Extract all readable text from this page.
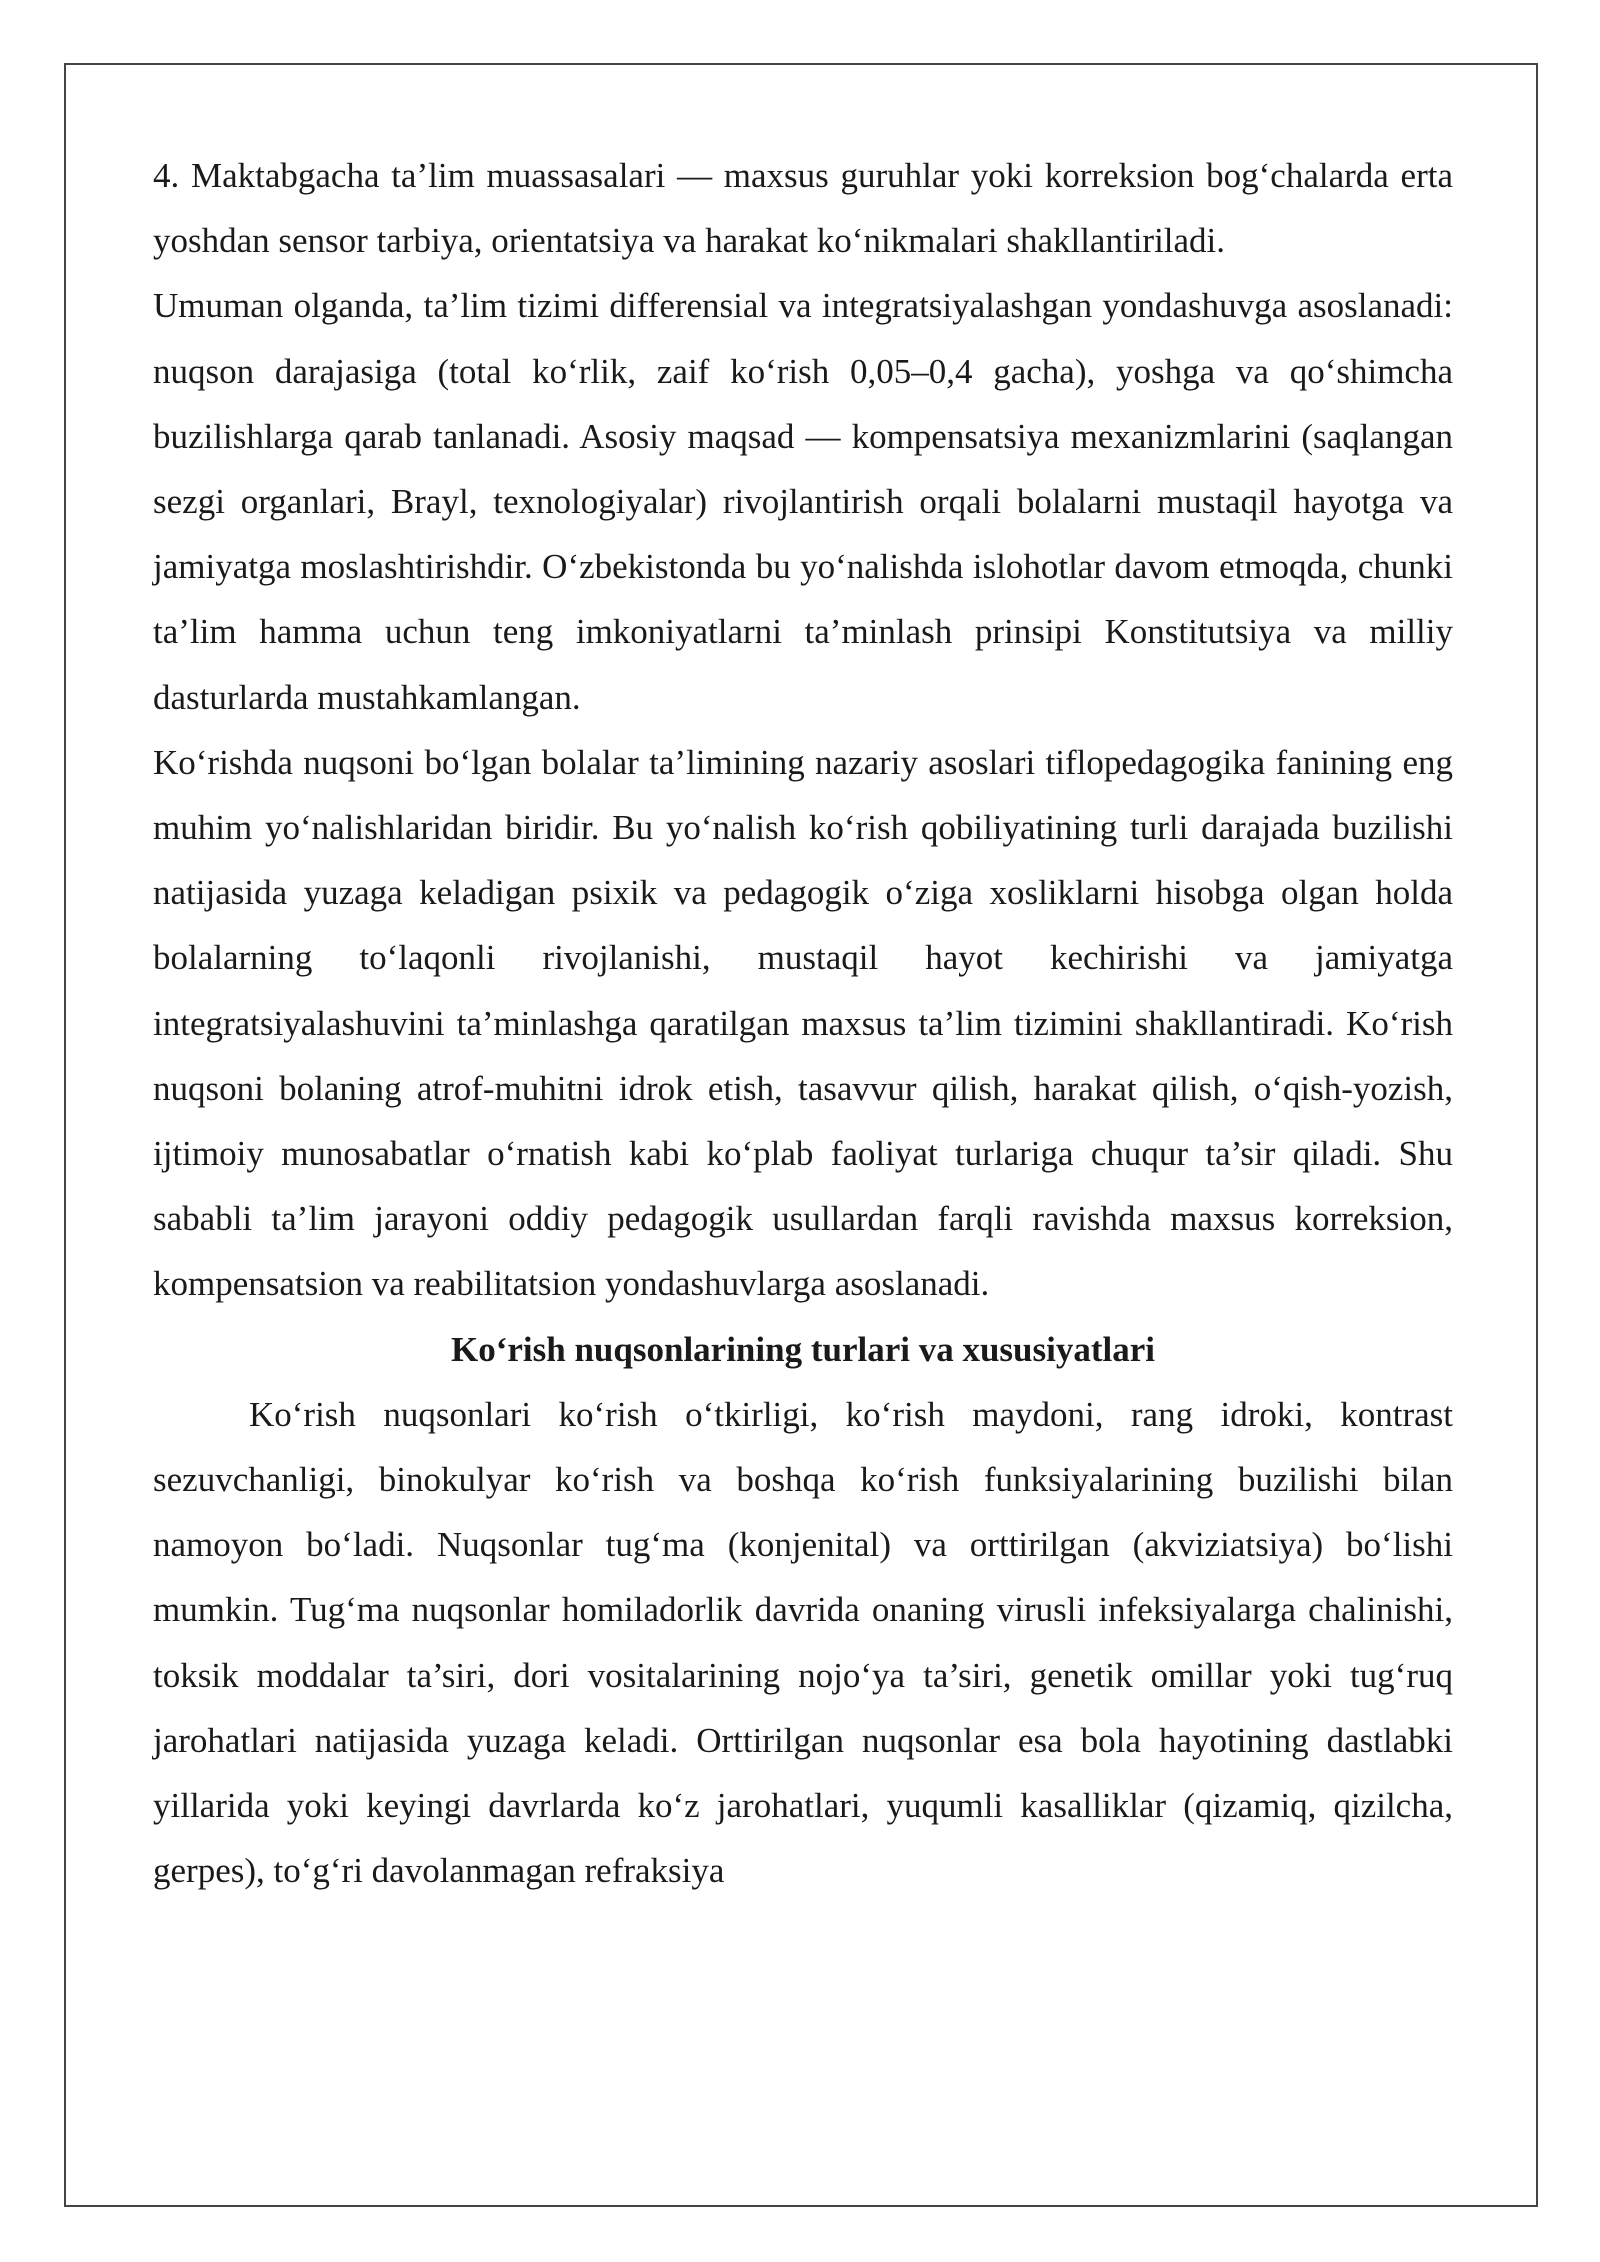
4. Maktabgacha ta’lim muassasalari — maxsus guruhlar yoki korreksion bog‘chalarda erta yoshdan sensor tarbiya, orientatsiya va harakat ko‘nikmalari shakllantiriladi.

Umuman olganda, ta’lim tizimi differensial va integratsiyalashgan yondashuvga asoslanadi: nuqson darajasiga (total ko‘rlik, zaif ko‘rish 0,05–0,4 gacha), yoshga va qo‘shimcha buzilishlarga qarab tanlanadi. Asosiy maqsad — kompensatsiya mexanizmlarini (saqlangan sezgi organlari, Brayl, texnologiyalar) rivojlantirish orqali bolalarni mustaqil hayotga va jamiyatga moslashtirishdir. O‘zbekistonda bu yo‘nalishda islohotlar davom etmoqda, chunki ta’lim hamma uchun teng imkoniyatlarni ta’minlash prinsipi Konstitutsiya va milliy dasturlarda mustahkamlangan.

Ko‘rishda nuqsoni bo‘lgan bolalar ta’limining nazariy asoslari tiflopedagogika fanining eng muhim yo‘nalishlaridan biridir. Bu yo‘nalish ko‘rish qobiliyatining turli darajada buzilishi natijasida yuzaga keladigan psixik va pedagogik o‘ziga xosliklarni hisobga olgan holda bolalarning to‘laqonli rivojlanishi, mustaqil hayot kechirishi va jamiyatga integratsiyalashuvini ta’minlashga qaratilgan maxsus ta’lim tizimini shakllantiradi. Ko‘rish nuqsoni bolaning atrof-muhitni idrok etish, tasavvur qilish, harakat qilish, o‘qish-yozish, ijtimoiy munosabatlar o‘rnatish kabi ko‘plab faoliyat turlariga chuqur ta’sir qiladi. Shu sababli ta’lim jarayoni oddiy pedagogik usullardan farqli ravishda maxsus korreksion, kompensatsion va reabilitatsion yondashuvlarga asoslanadi.

Ko‘rish nuqsonlarining turlari va xususiyatlari

Ko‘rish nuqsonlari ko‘rish o‘tkirligi, ko‘rish maydoni, rang idroki, kontrast sezuvchanligi, binokulyar ko‘rish va boshqa ko‘rish funksiyalarining buzilishi bilan namoyon bo‘ladi. Nuqsonlar tug‘ma (konjenital) va orttirilgan (akviziatsiya) bo‘lishi mumkin. Tug‘ma nuqsonlar homiladorlik davrida onaning virusli infeksiyalarga chalinishi, toksik moddalar ta’siri, dori vositalarining nojo‘ya ta’siri, genetik omillar yoki tug‘ruq jarohatlari natijasida yuzaga keladi. Orttirilgan nuqsonlar esa bola hayotining dastlabki yillarida yoki keyingi davrlarda ko‘z jarohatlari, yuqumli kasalliklar (qizamiq, qizilcha, gerpes), to‘g‘ri davolanmagan refraksiya
